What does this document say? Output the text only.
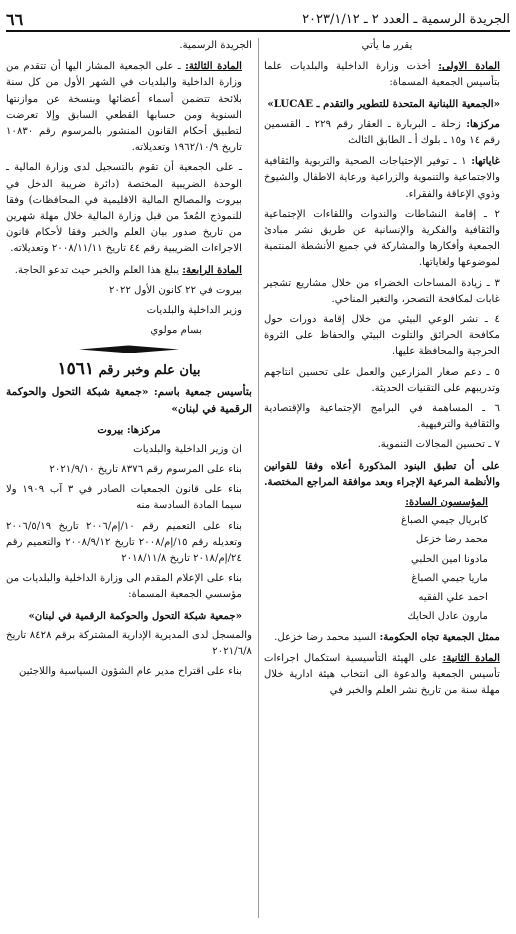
٦٦	الجريدة الرسمية ـ العدد ٢ ـ ٢٠٢٣/١/١٢

يقرر ما يأتي

المادة الاولى: أخذت وزارة الداخلية والبلديات علما بتأسيس الجمعية المسماة:

«الجمعية اللبنانية المتحدة للتطوير والتقدم ـ LUCAE»

مركزها: زحلة ـ البربارة ـ العقار رقم ٢٢٩ ـ القسمين رقم ١٤ و١٥ ـ بلوك أ ـ الطابق الثالث

غاياتها: ١ ـ توفير الإحتياجات الصحية والتربوية والثقافية والاجتماعية والتنموية والزراعية ورعاية الاطفال والشيوخ وذوي الإعاقة والفقراء.

٢ ـ إقامة النشاطات والندوات واللقاءات الإجتماعية والثقافية والفكرية والإنسانية عن طريق نشر مبادئ الجمعية وأفكارها والمشاركة في جميع الأنشطة المنتمية لموضوعها ولغاياتها.

٣ ـ زيادة المساحات الخضراء من خلال مشاريع تشجير غابات لمكافحة التصحر، والتغير المناخي.

٤ ـ نشر الوعي البيئي من خلال إقامة دورات حول مكافحة الحرائق والتلوث البيئي والحفاظ على الثروة الحرجية والمحافظة عليها.

٥ ـ دعم صغار المزارعين والعمل على تحسين انتاجهم وتدريبهم على التقنيات الحديثة.

٦ ـ المساهمة في البرامج الإجتماعية والإقتصادية والثقافية والترفيهية.

٧ ـ تحسين المجالات التنموية.

على أن تطبق البنود المذكورة أعلاه وفقا للقوانين والأنظمة المرعية الإجراء وبعد موافقة المراجع المختصة.

المؤسسون السادة:

كابريال جيمي الصباغ

محمد رضا خزعل

مادونا امين الحلبي

ماريا جيمي الصباغ

احمد علي الفقيه

مارون عادل الحايك

ممثل الجمعية تجاه الحكومة: السيد محمد رضا خزعل.

المادة الثانية: على الهيئة التأسيسية استكمال اجراءات تأسيس الجمعية والدعوة الى انتخاب هيئة ادارية خلال مهلة سنة من تاريخ نشر العلم والخبر في

الجريدة الرسمية.

المادة الثالثة: ـ على الجمعية المشار اليها أن تتقدم من وزارة الداخلية والبلديات في الشهر الأول من كل سنة بلائحة تتضمن أسماء أعضائها وبنسخة عن موازنتها السنوية ومن حسابها القطعي السابق وإلا تعرضت لتطبيق أحكام القانون المنشور بالمرسوم رقم ١٠٨٣٠ تاريخ ١٩٦٢/١٠/٩ وتعديلاته.

ـ على الجمعية أن تقوم بالتسجيل لدى وزارة المالية ـ الوحدة الضريبية المختصة (دائرة ضريبة الدخل في بيروت والمصالح المالية الاقليمية في المحافظات) وفقا للنموذج المُعدّ من قبل وزارة المالية خلال مهلة شهرين من تاريخ صدور بيان العلم والخبر وفقا لأحكام قانون الاجراءات الضريبية رقم ٤٤ تاريخ ٢٠٠٨/١١/١١ وتعديلاته.

المادة الرابعة: يبلغ هذا العلم والخبر حيث تدعو الحاجة.

بيروت في ٢٢ كانون الأول ٢٠٢٢

وزير الداخلية والبلديات

بسام مولوي

بيان علم وخبر رقم ١٥٦١

بتأسيس جمعية باسم: «جمعية شبكة التحول والحوكمة الرقمية في لبنان»

مركزها: بيروت

ان وزير الداخلية والبلديات

بناء على المرسوم رقم ٨٣٧٦ تاريخ ٢٠٢١/٩/١٠

بناء على قانون الجمعيات الصادر في ٣ آب ١٩٠٩ ولا سيما المادة السادسة منه

بناء على التعميم رقم ١٠/إم/٢٠٠٦ تاريخ ٢٠٠٦/٥/١٩ وتعديله رقم ١٥/إم/٢٠٠٨ تاريخ ٢٠٠٨/٩/١٢ والتعميم رقم ٢٤/إم/٢٠١٨ تاريخ ٢٠١٨/١١/٨

بناء على الإعلام المقدم الى وزارة الداخلية والبلديات من مؤسسي الجمعية المسماة:

«جمعية شبكة التحول والحوكمة الرقمية في لبنان»

والمسجل لدى المديرية الإدارية المشتركة برقم ٨٤٢٨ تاريخ ٢٠٢١/٦/٨

بناء على اقتراح مدير عام الشؤون السياسية واللاجئين
